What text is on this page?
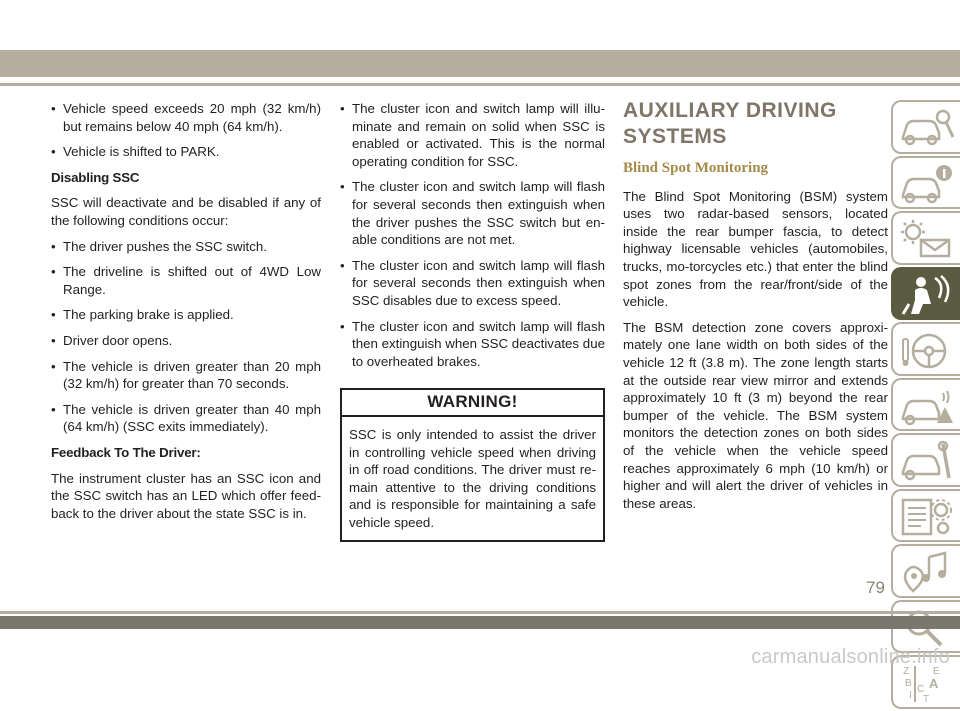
• Vehicle speed exceeds 20 mph (32 km/h) but remains below 40 mph (64 km/h).

• Vehicle is shifted to PARK.

Disabling SSC

SSC will deactivate and be disabled if any of the following conditions occur:

• The driver pushes the SSC switch.

• The driveline is shifted out of 4WD Low Range.

• The parking brake is applied.

• Driver door opens.

• The vehicle is driven greater than 20 mph (32 km/h) for greater than 70 seconds.

• The vehicle is driven greater than 40 mph (64 km/h) (SSC exits immediately).

Feedback To The Driver:

The instrument cluster has an SSC icon and the SSC switch has an LED which offer feed-back to the driver about the state SSC is in.

• The cluster icon and switch lamp will illu-minate and remain on solid when SSC is enabled or activated. This is the normal operating condition for SSC.

• The cluster icon and switch lamp will flash for several seconds then extinguish when the driver pushes the SSC switch but en-able conditions are not met.

• The cluster icon and switch lamp will flash for several seconds then extinguish when SSC disables due to excess speed.

• The cluster icon and switch lamp will flash then extinguish when SSC deactivates due to overheated brakes.

WARNING!
SSC is only intended to assist the driver in controlling vehicle speed when driving in off road conditions. The driver must re-main attentive to the driving conditions and is responsible for maintaining a safe vehicle speed.
AUXILIARY DRIVING SYSTEMS
Blind Spot Monitoring

The Blind Spot Monitoring (BSM) system uses two radar-based sensors, located inside the rear bumper fascia, to detect highway licensable vehicles (automobiles, trucks, mo-torcycles etc.) that enter the blind spot zones from the rear/front/side of the vehicle.

The BSM detection zone covers approxi-mately one lane width on both sides of the vehicle 12 ft (3.8 m). The zone length starts at the outside rear view mirror and extends approximately 10 ft (3 m) beyond the rear bumper of the vehicle. The BSM system monitors the detection zones on both sides of the vehicle when the vehicle speed reaches approximately 6 mph (10 km/h) or higher and will alert the driver of vehicles in these areas.

Z E
B A
I
C
T
79
carmanualsonline.info
